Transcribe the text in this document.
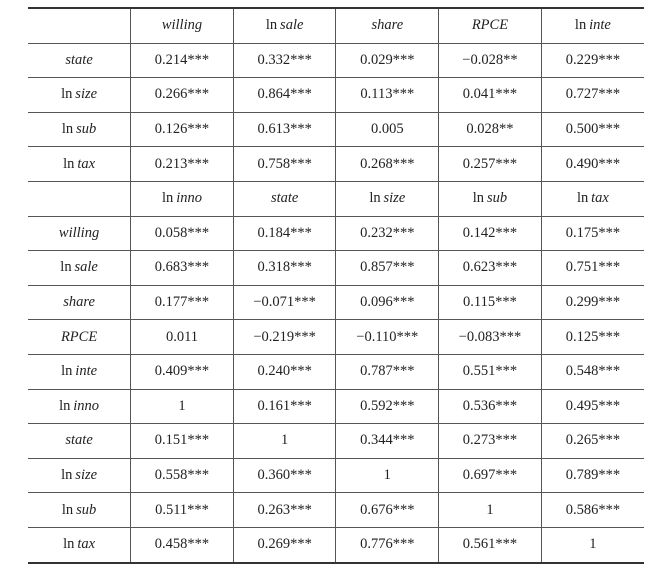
	willing	ln  sale	share	RPCE	ln  inte
state	0.214***	0.332***	0.029***	−0.028**	0.229***
ln  size	0.266***	0.864***	0.113***	0.041***	0.727***
ln  sub	0.126***	0.613***	0.005	0.028**	0.500***
ln  tax	0.213***	0.758***	0.268***	0.257***	0.490***
	ln  inno	state	ln  size	ln  sub	ln  tax
willing	0.058***	0.184***	0.232***	0.142***	0.175***
ln  sale	0.683***	0.318***	0.857***	0.623***	0.751***
share	0.177***	−0.071***	0.096***	0.115***	0.299***
RPCE	0.011	−0.219***	−0.110***	−0.083***	0.125***
ln  inte	0.409***	0.240***	0.787***	0.551***	0.548***
ln  inno	1	0.161***	0.592***	0.536***	0.495***
state	0.151***	1	0.344***	0.273***	0.265***
ln  size	0.558***	0.360***	1	0.697***	0.789***
ln  sub	0.511***	0.263***	0.676***	1	0.586***
ln  tax	0.458***	0.269***	0.776***	0.561***	1
